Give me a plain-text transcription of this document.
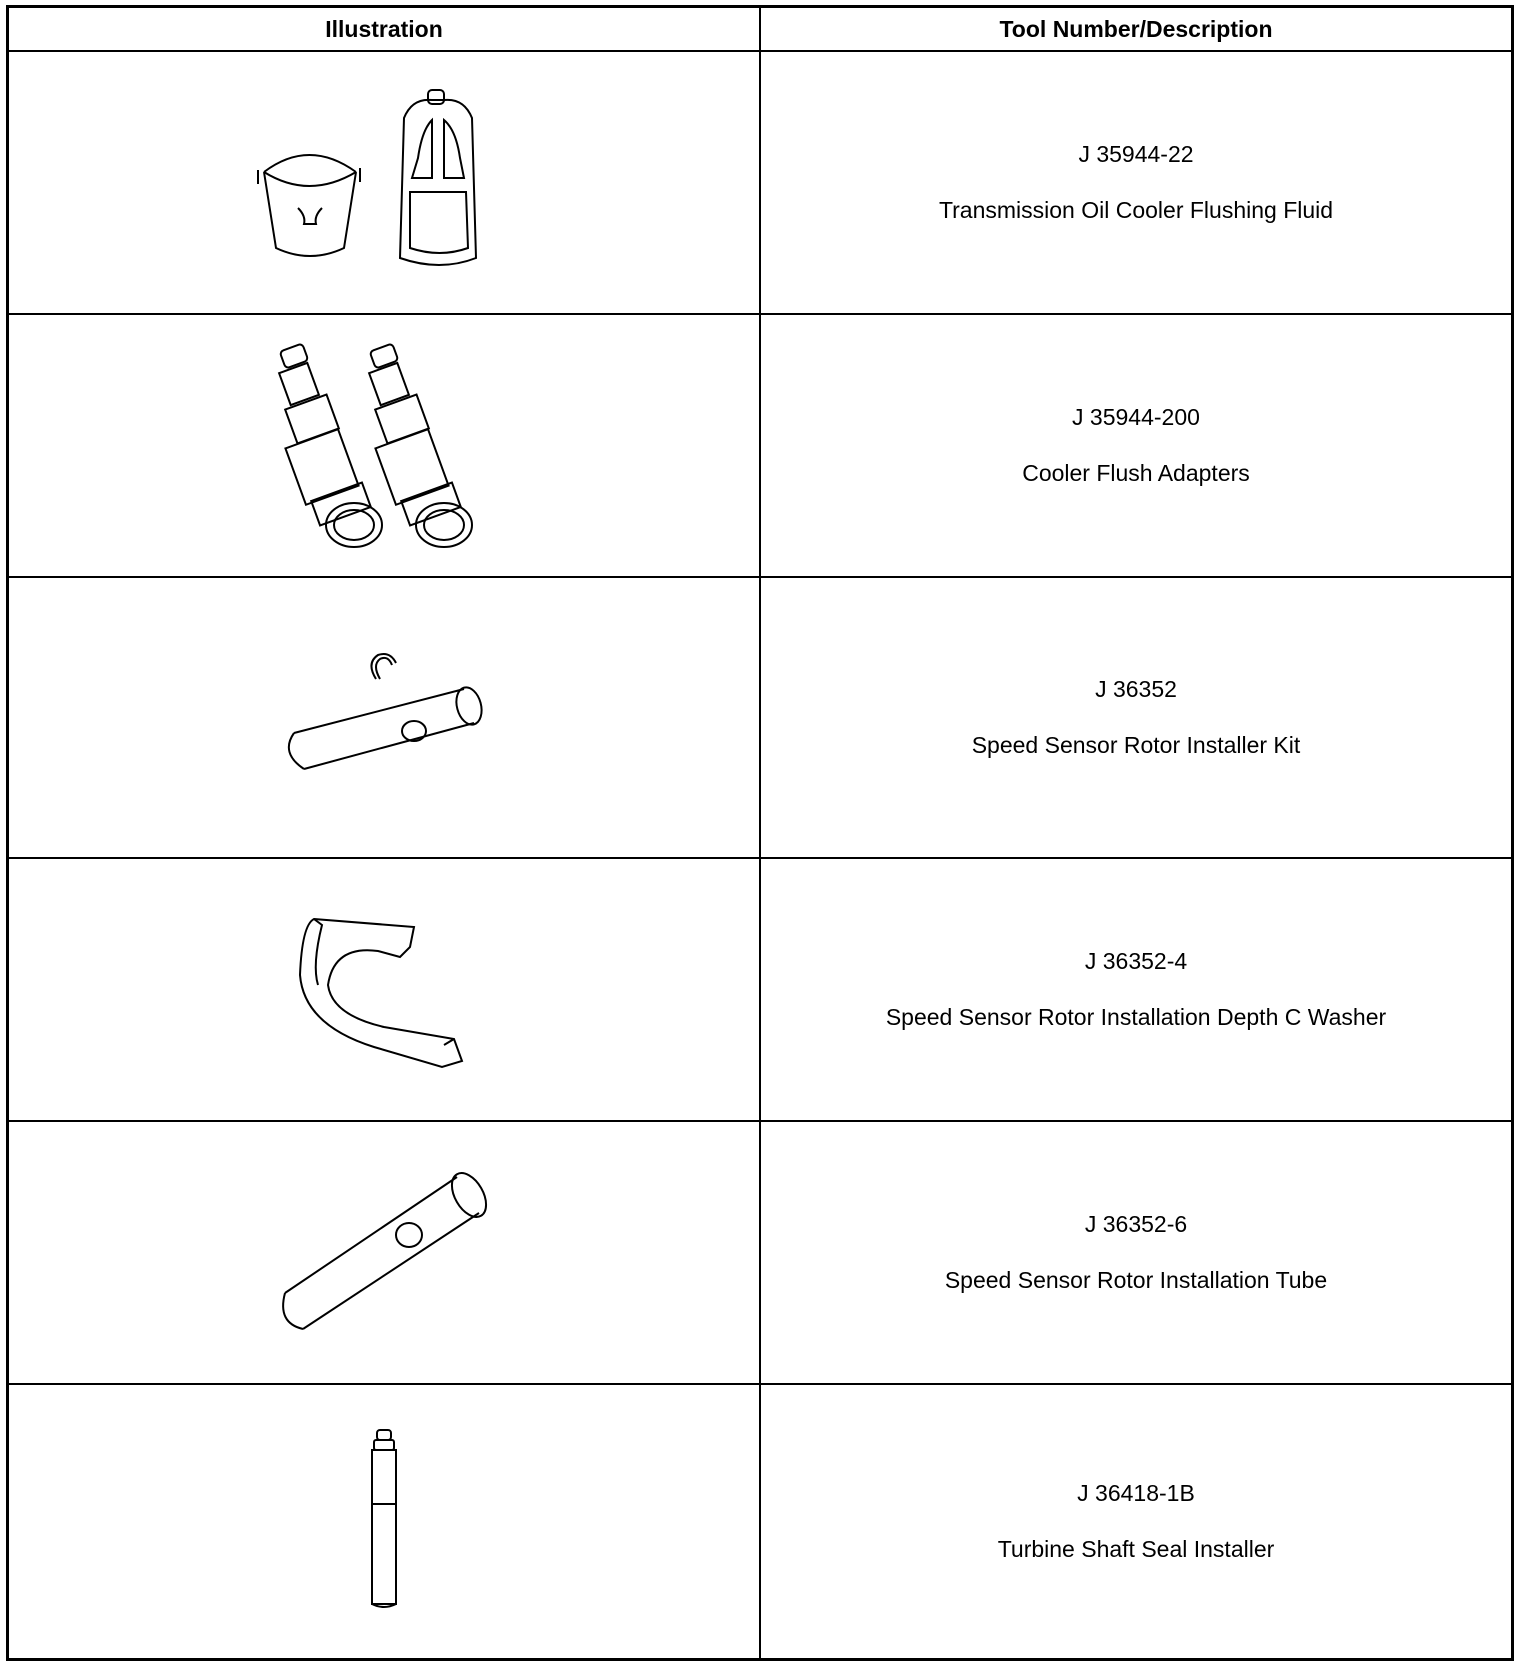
Illustration	Tool Number/Description

J 35944-22
Transmission Oil Cooler Flushing Fluid

J 35944-200
Cooler Flush Adapters

J 36352
Speed Sensor Rotor Installer Kit

J 36352-4
Speed Sensor Rotor Installation Depth C Washer

J 36352-6
Speed Sensor Rotor Installation Tube

J 36418-1B
Turbine Shaft Seal Installer
